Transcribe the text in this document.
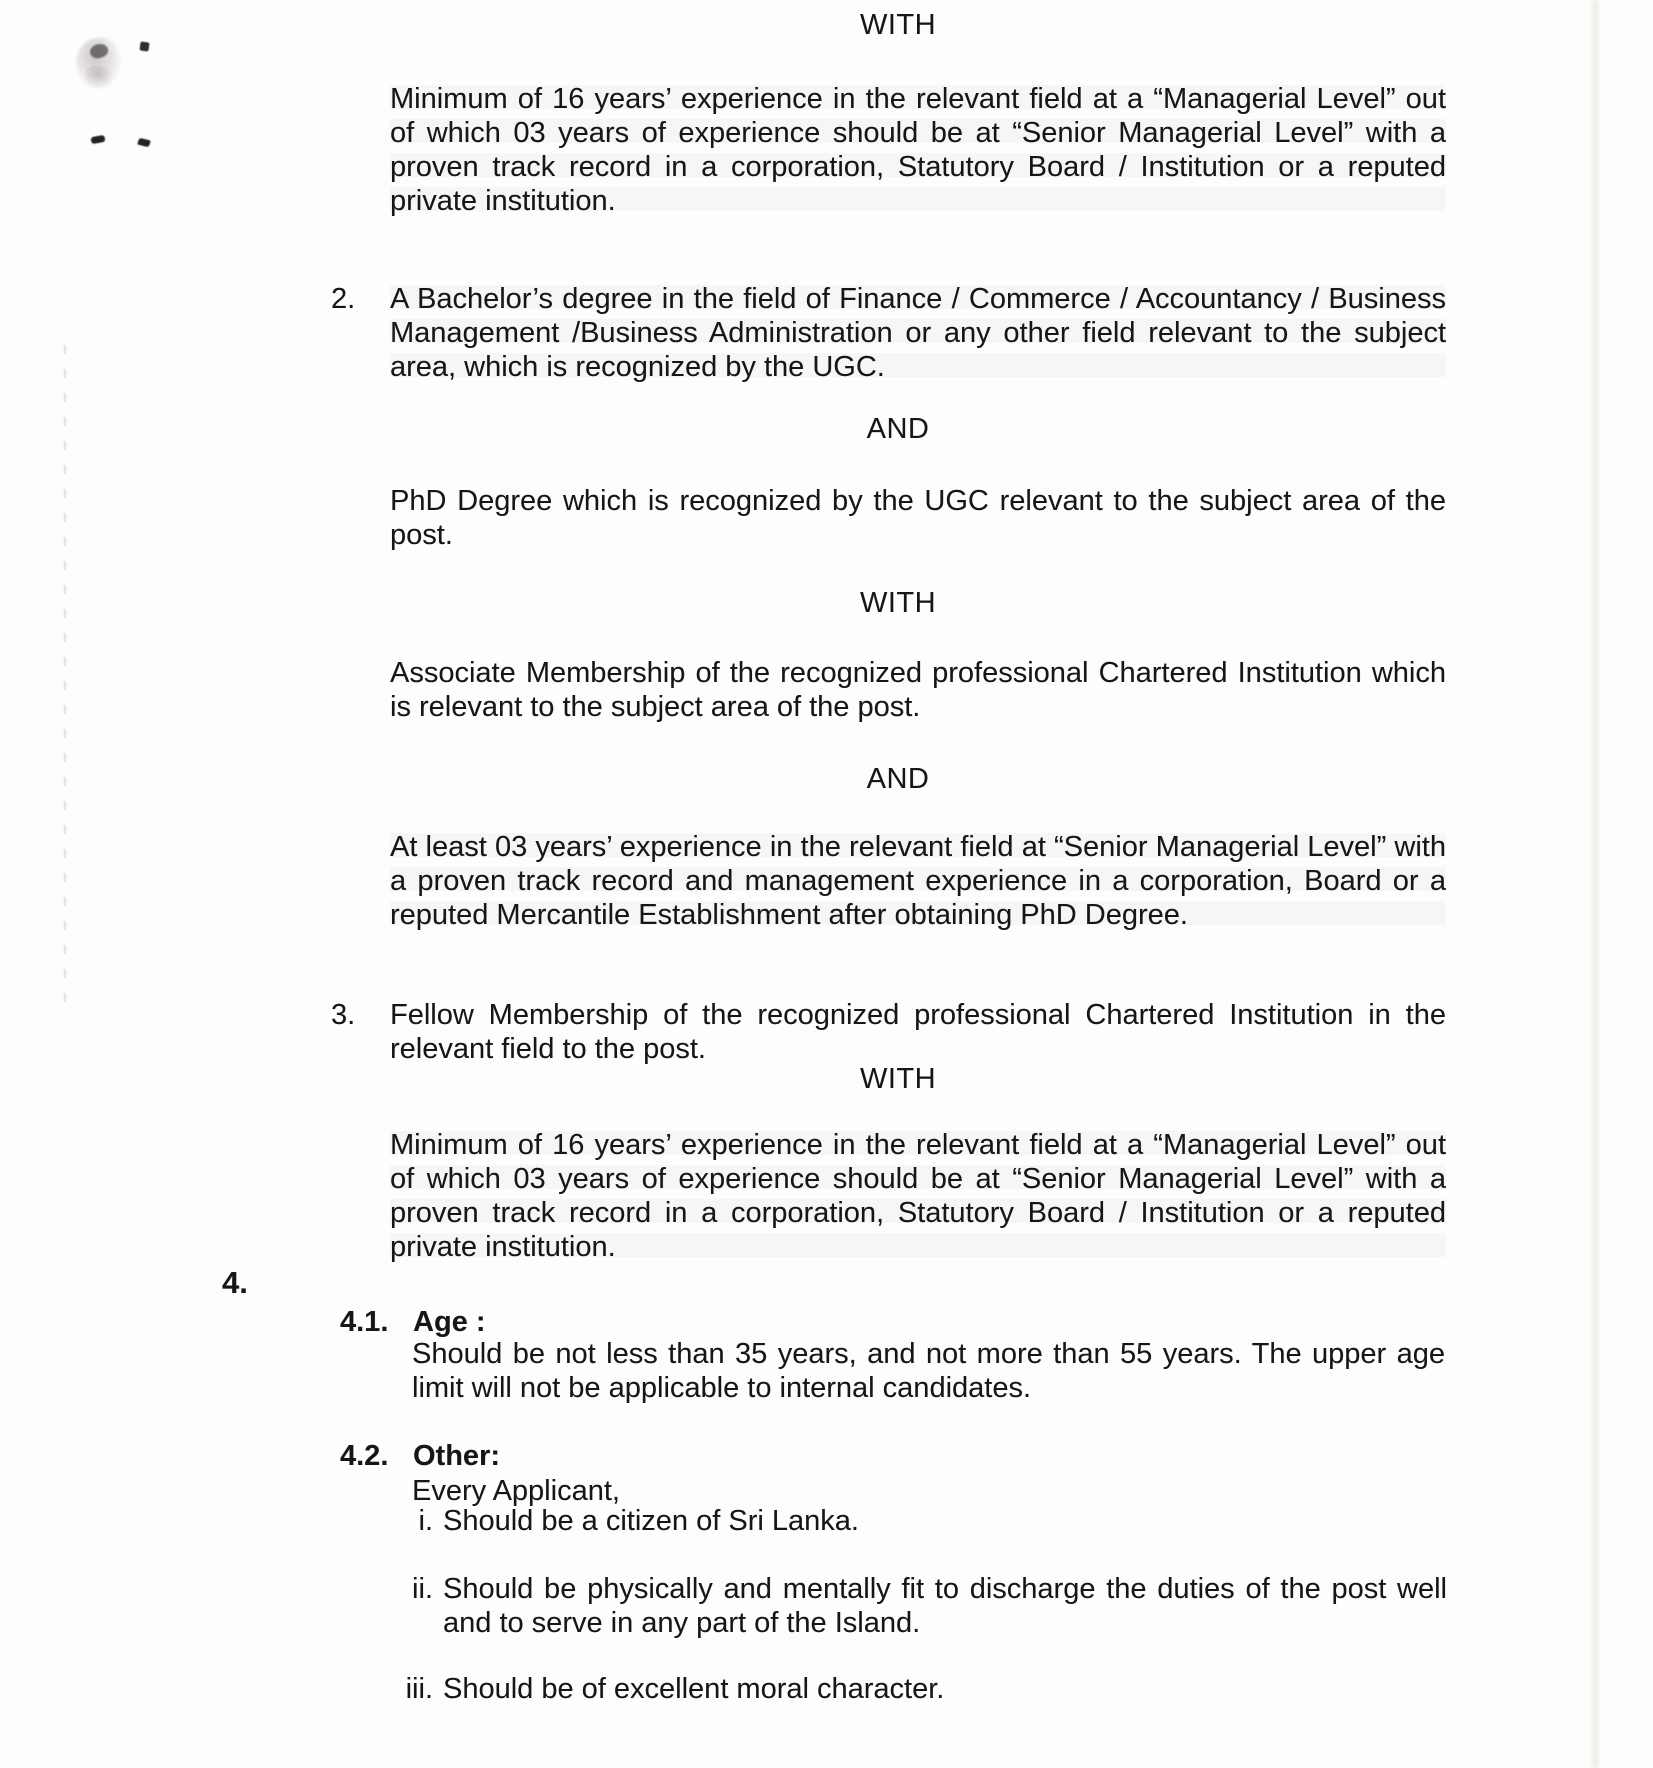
WITH
Minimum of 16 years’ experience in the relevant field at a “Managerial Level” out of which 03 years of experience should be at “Senior Managerial Level” with a proven track record in a corporation, Statutory Board / Institution or a reputed private institution.
2.	A Bachelor’s degree in the field of Finance / Commerce / Accountancy / Business Management /Business Administration or any other field relevant to the subject area, which is recognized by the UGC.
AND
PhD Degree which is recognized by the UGC relevant to the subject area of the post.
WITH
Associate Membership of the recognized professional Chartered Institution which is relevant to the subject area of the post.
AND
At least 03 years’ experience in the relevant field at “Senior Managerial Level” with a proven track record and management experience in a corporation, Board or a reputed Mercantile Establishment after obtaining PhD Degree.
3.	Fellow Membership of the recognized professional Chartered Institution in the relevant field to the post.
WITH
Minimum of 16 years’ experience in the relevant field at a “Managerial Level” out of which 03 years of experience should be at “Senior Managerial Level” with a proven track record in a corporation, Statutory Board / Institution or a reputed private institution.
4.
4.1. Age :
Should be not less than 35 years, and not more than 55 years. The upper age limit will not be applicable to internal candidates.
4.2. Other:
Every Applicant,
i. Should be a citizen of Sri Lanka.
ii. Should be physically and mentally fit to discharge the duties of the post well and to serve in any part of the Island.
iii. Should be of excellent moral character.
